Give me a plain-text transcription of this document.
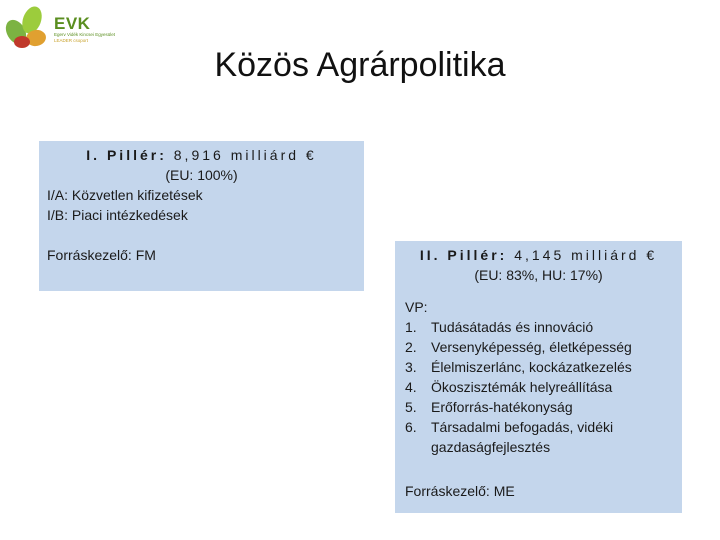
EVK
Egerv Vidék Kincsei Egyesület
LEADER csoport
Közös Agrárpolitika
I. Pillér: 8,916 milliárd €
(EU: 100%)
I/A: Közvetlen kifizetések
I/B: Piaci intézkedések
Forráskezelő: FM	II. Pillér: 4,145 milliárd €
(EU: 83%, HU: 17%)
VP:
1.	Tudásátadás és innováció
2.	Versenyképesség, életképesség
3.	Élelmiszerlánc, kockázatkezelés
4.	Ökoszisztémák helyreállítása
5.	Erőforrás-hatékonyság
6.	Társadalmi befogadás, vidéki gazdaságfejlesztés
Forráskezelő: ME
